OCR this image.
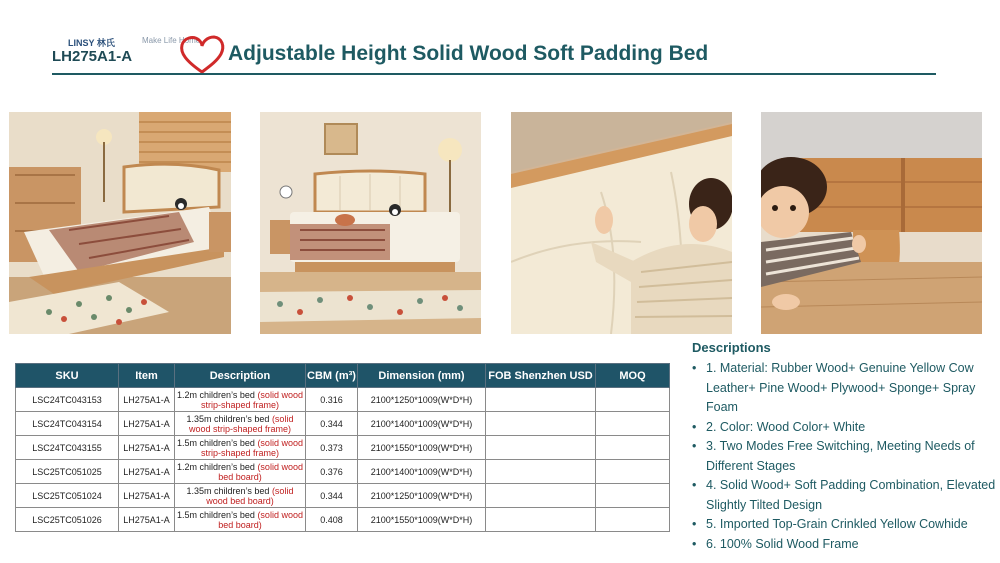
LINSY 林氏	Make Life Home
LH275A1-A	Adjustable Height Solid Wood Soft Padding Bed
SKU	Item	Description	CBM (m³)	Dimension (mm)	FOB Shenzhen USD	MOQ
LSC24TC043153	LH275A1-A	1.2m children’s bed (solid wood strip-shaped frame)	0.316	2100*1250*1009(W*D*H)		
LSC24TC043154	LH275A1-A	1.35m children’s bed (solid wood strip-shaped frame)	0.344	2100*1400*1009(W*D*H)		
LSC24TC043155	LH275A1-A	1.5m children’s bed (solid wood strip-shaped frame)	0.373	2100*1550*1009(W*D*H)		
LSC25TC051025	LH275A1-A	1.2m children’s bed (solid wood bed board)	0.376	2100*1400*1009(W*D*H)		
LSC25TC051024	LH275A1-A	1.35m children’s bed (solid wood bed board)	0.344	2100*1250*1009(W*D*H)		
LSC25TC051026	LH275A1-A	1.5m children’s bed (solid wood bed board)	0.408	2100*1550*1009(W*D*H)		
Descriptions
• 1. Material: Rubber Wood+ Genuine Yellow Cow Leather+ Pine Wood+ Plywood+ Sponge+ Spray Foam
• 2. Color: Wood Color+ White
• 3. Two Modes Free Switching, Meeting Needs of Different Stages
• 4. Solid Wood+ Soft Padding Combination, Elevated Slightly Tilted Design
• 5. Imported Top-Grain Crinkled Yellow Cowhide
• 6. 100% Solid Wood Frame
